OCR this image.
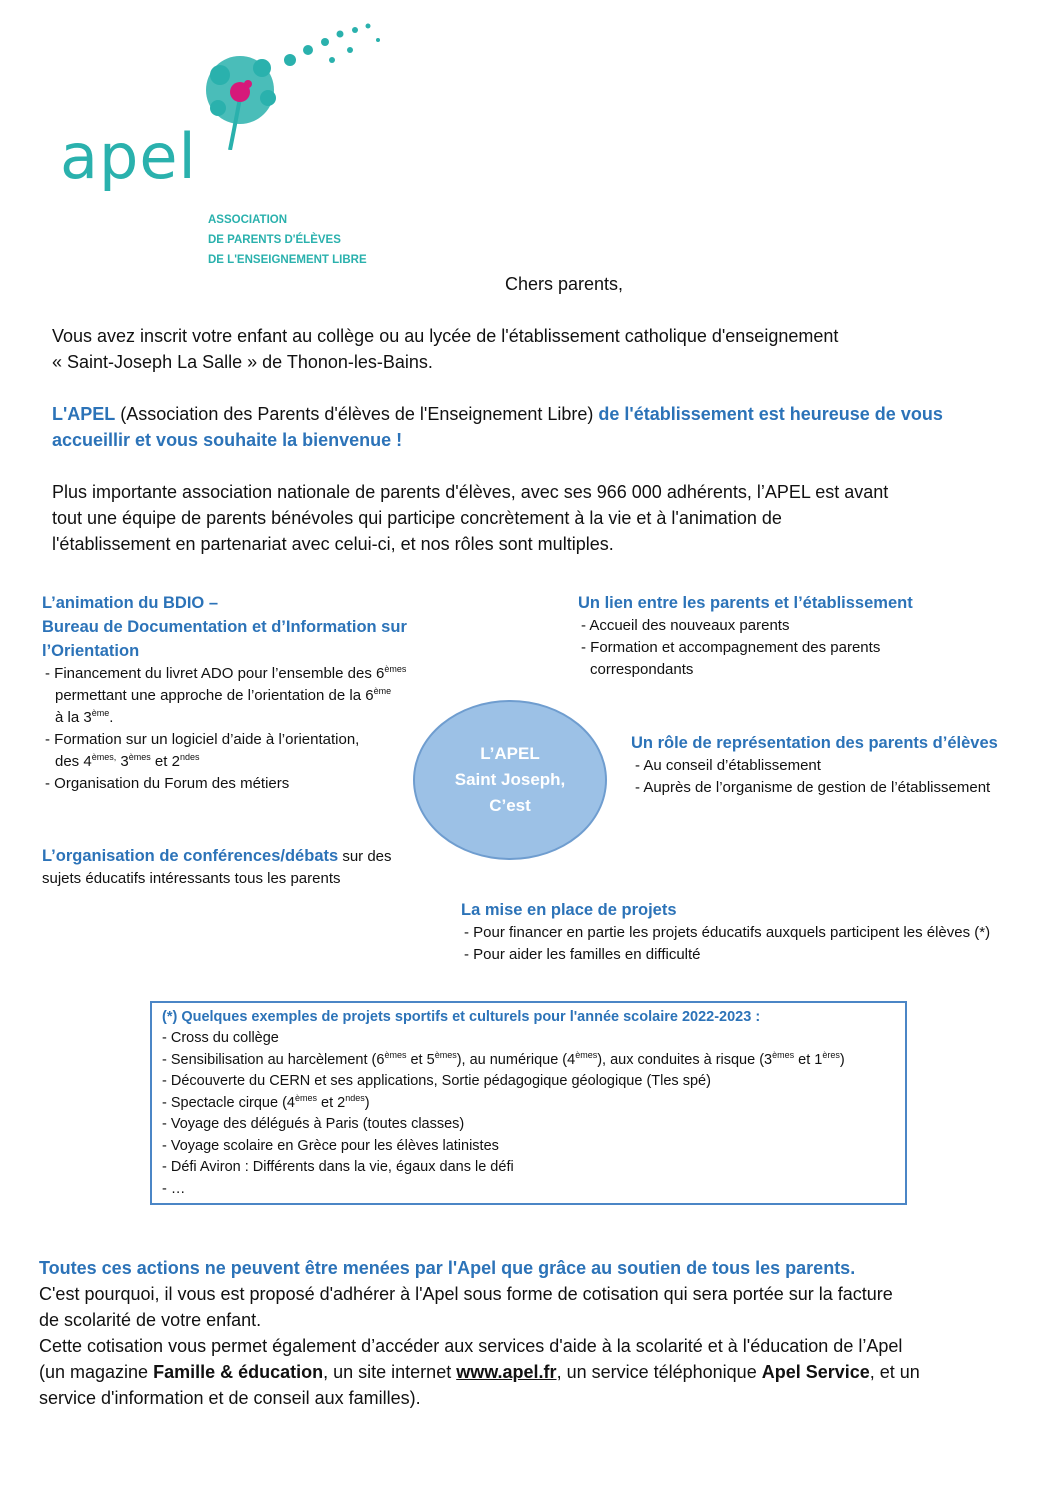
apel
ASSOCIATION
DE PARENTS D'ÉLÈVES
DE L'ENSEIGNEMENT LIBRE
Chers parents,
Vous avez inscrit votre enfant au collège ou au lycée de l'établissement catholique d'enseignement
« Saint-Joseph La Salle » de Thonon-les-Bains.
L'APEL (Association des Parents d'élèves de l'Enseignement Libre) de l'établissement est heureuse de vous
accueillir et vous souhaite la bienvenue !
Plus importante association nationale de parents d'élèves, avec ses 966 000 adhérents, l’APEL est avant
tout une équipe de parents bénévoles qui participe concrètement à la vie et à l'animation de
l'établissement en partenariat avec celui-ci, et nos rôles sont multiples.
L’animation du BDIO –
Bureau de Documentation et d’Information sur
l’Orientation
- Financement du livret ADO pour l’ensemble des 6èmes
permettant une approche de l’orientation de la 6ème
à la 3ème.
- Formation sur un logiciel d’aide à l’orientation,
des $4^{èmes,}$ 3èmes et $2^{ndes}$
- Organisation du Forum des métiers
L’APEL
Saint Joseph,
C’est
L’organisation de conférences/débats sur des
sujets éducatifs intéressants tous les parents
Un lien entre les parents et l’établissement
- Accueil des nouveaux parents
- Formation et accompagnement des parents
correspondants
Un rôle de représentation des parents d’élèves
- Au conseil d’établissement
- Auprès de l’organisme de gestion de l’établissement
La mise en place de projets
- Pour financer en partie les projets éducatifs auxquels participent les élèves (*)
- Pour aider les familles en difficulté
(*) Quelques exemples de projets sportifs et culturels pour l'année scolaire 2022-2023 :
- Cross du collège
- Sensibilisation au harcèlement (6èmes et 5èmes), au numérique (4èmes), aux conduites à risque (3èmes et 1ères)
- Découverte du CERN et ses applications, Sortie pédagogique géologique (Tles spé)
- Spectacle cirque (4èmes et $2^{ndes}$)
- Voyage des délégués à Paris (toutes classes)
- Voyage scolaire en Grèce pour les élèves latinistes
- Défi Aviron : Différents dans la vie, égaux dans le défi
- …
Toutes ces actions ne peuvent être menées par l'Apel que grâce au soutien de tous les parents.
C'est pourquoi, il vous est proposé d'adhérer à l'Apel sous forme de cotisation qui sera portée sur la facture
de scolarité de votre enfant.
Cette cotisation vous permet également d’accéder aux services d'aide à la scolarité et à l'éducation de l’Apel
(un magazine Famille & éducation, un site internet www.apel.fr, un service téléphonique Apel Service, et un
service d'information et de conseil aux familles).
